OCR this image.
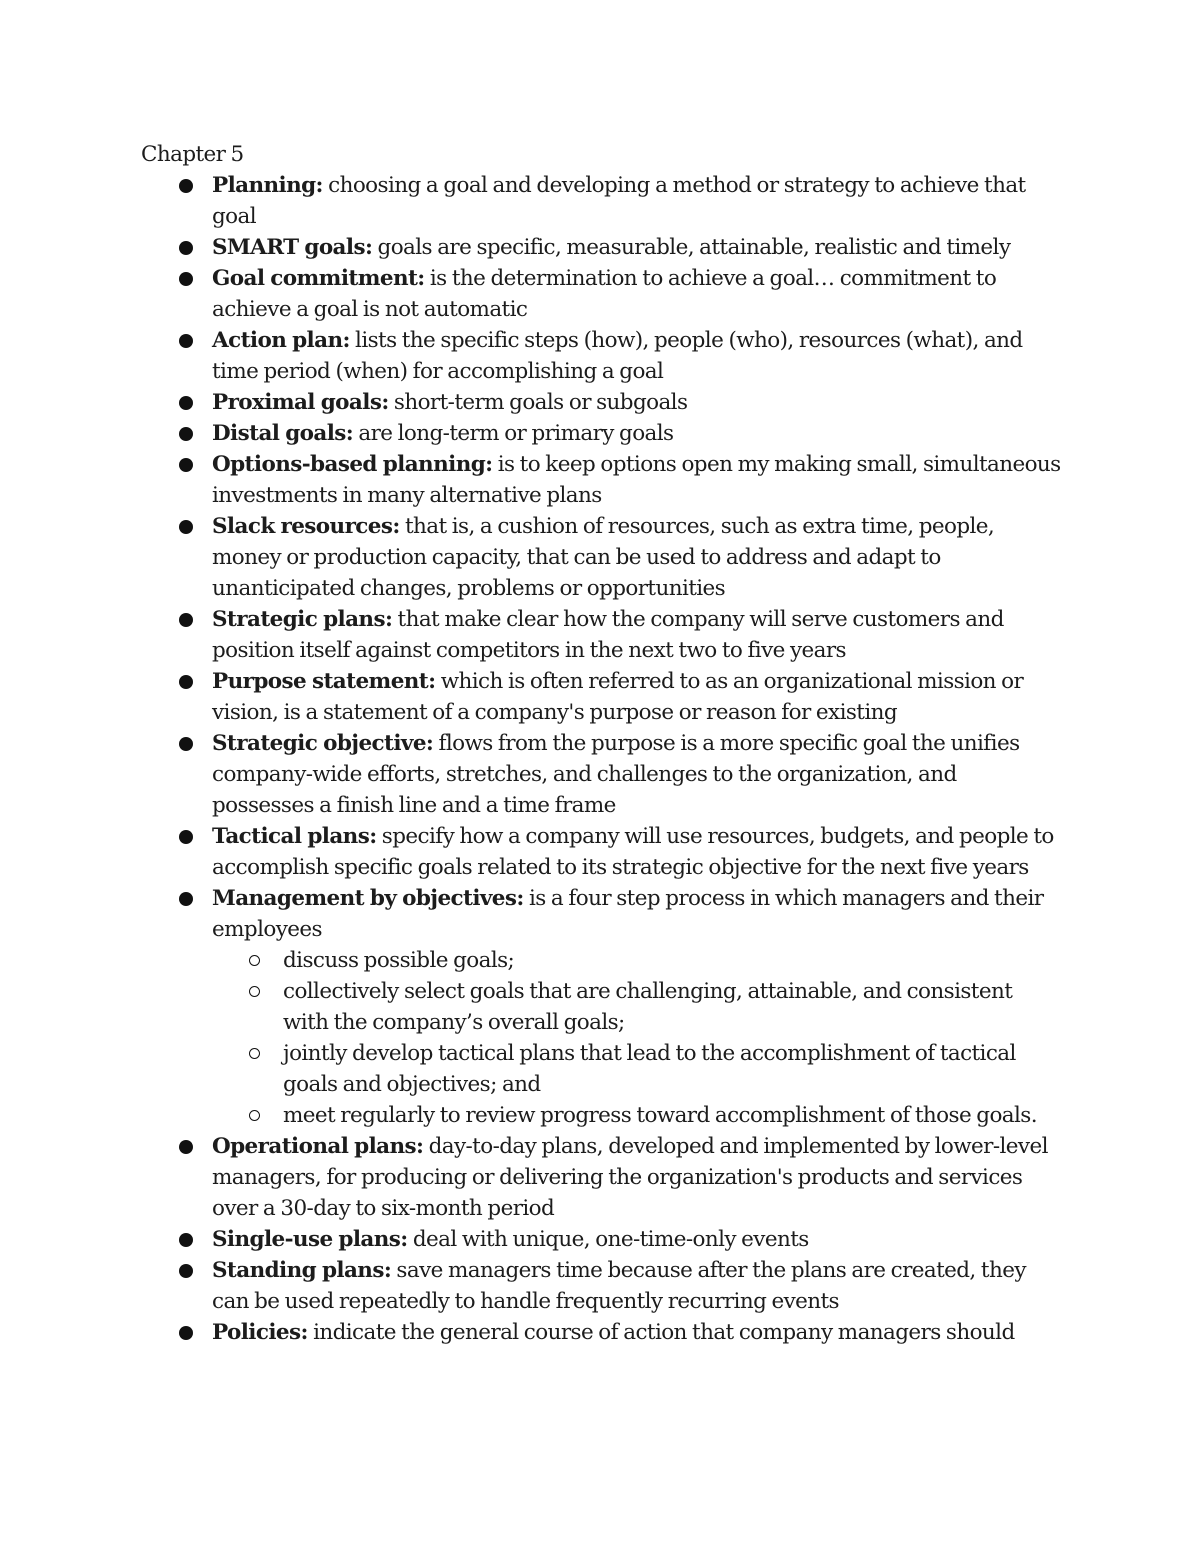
Chapter 5
Planning: choosing a goal and developing a method or strategy to achieve that goal
SMART goals: goals are specific, measurable, attainable, realistic and timely
Goal commitment: is the determination to achieve a goal… commitment to achieve a goal is not automatic
Action plan: lists the specific steps (how), people (who), resources (what), and time period (when) for accomplishing a goal
Proximal goals: short-term goals or subgoals
Distal goals: are long-term or primary goals
Options-based planning: is to keep options open my making small, simultaneous investments in many alternative plans
Slack resources: that is, a cushion of resources, such as extra time, people, money or production capacity, that can be used to address and adapt to unanticipated changes, problems or opportunities
Strategic plans: that make clear how the company will serve customers and position itself against competitors in the next two to five years
Purpose statement: which is often referred to as an organizational mission or vision, is a statement of a company's purpose or reason for existing
Strategic objective: flows from the purpose is a more specific goal the unifies company-wide efforts, stretches, and challenges to the organization, and possesses a finish line and a time frame
Tactical plans: specify how a company will use resources, budgets, and people to accomplish specific goals related to its strategic objective for the next five years
Management by objectives: is a four step process in which managers and their employees
discuss possible goals;
collectively select goals that are challenging, attainable, and consistent with the company’s overall goals;
jointly develop tactical plans that lead to the accomplishment of tactical goals and objectives; and
meet regularly to review progress toward accomplishment of those goals.
Operational plans: day-to-day plans, developed and implemented by lower-level managers, for producing or delivering the organization's products and services over a 30-day to six-month period
Single-use plans: deal with unique, one-time-only events
Standing plans: save managers time because after the plans are created, they can be used repeatedly to handle frequently recurring events
Policies: indicate the general course of action that company managers should
